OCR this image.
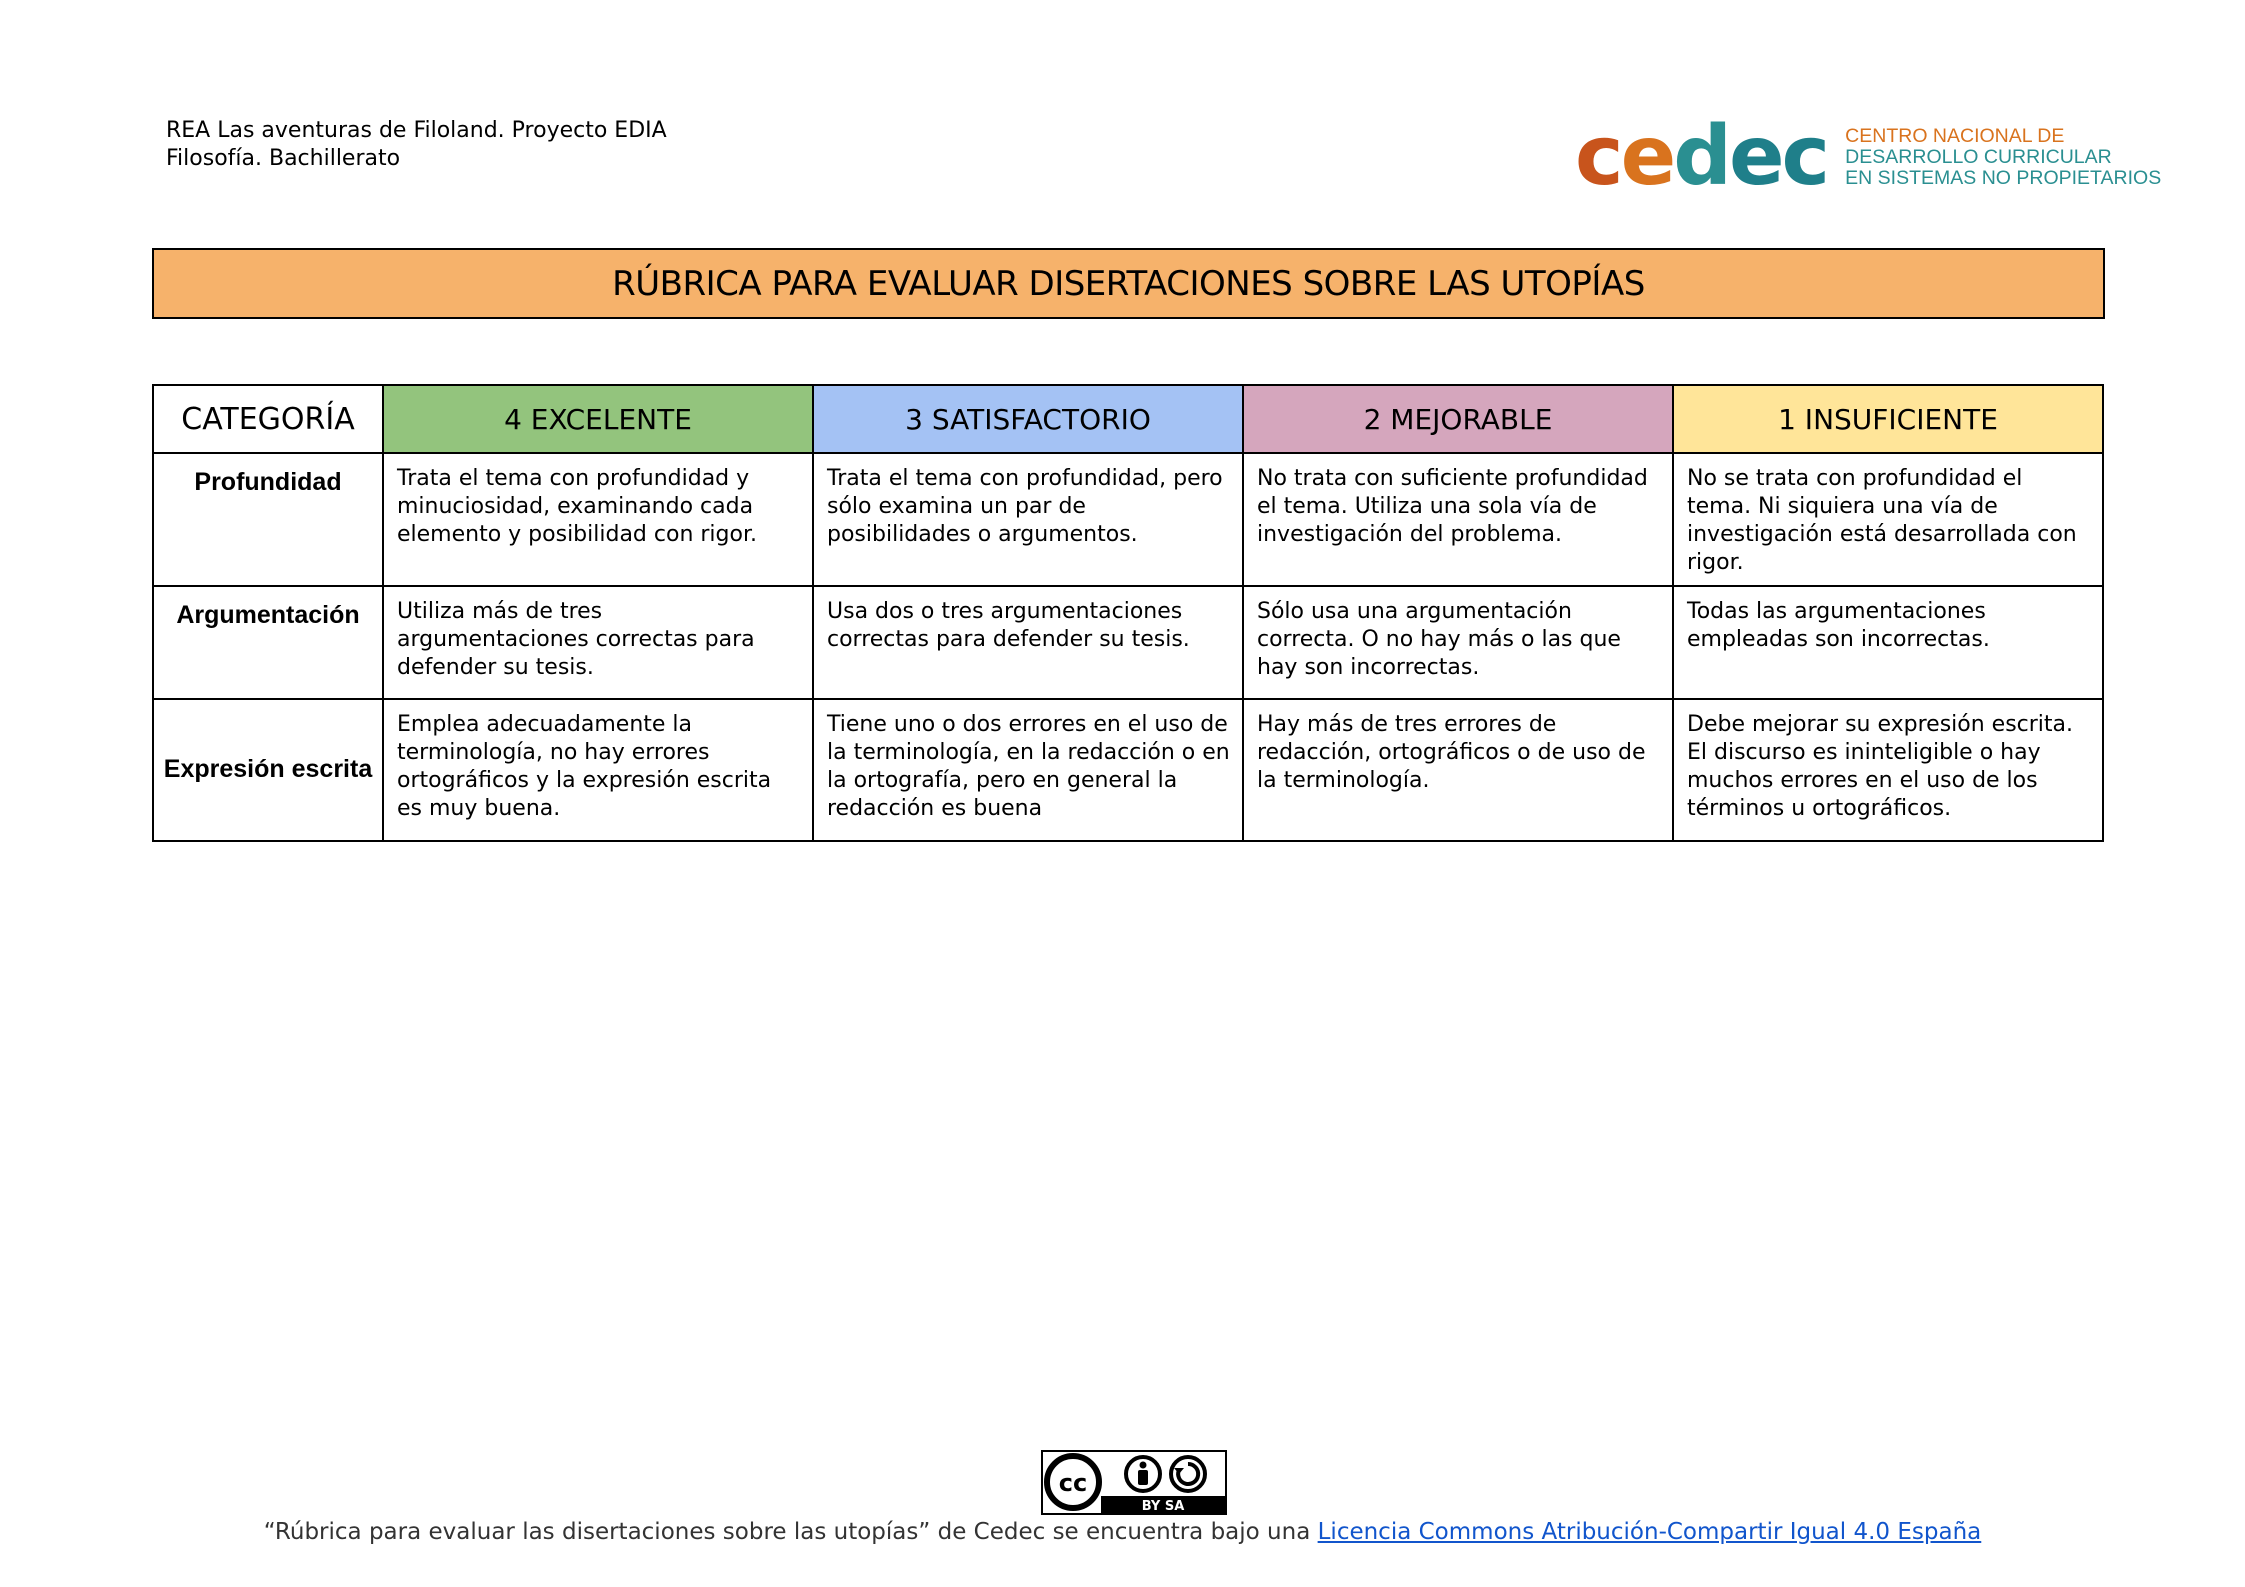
REA Las aventuras de Filoland. Proyecto EDIA
Filosofía. Bachillerato	cedec CENTRO NACIONAL DE
DESARROLLO CURRICULAR
EN SISTEMAS NO PROPIETARIOS
RÚBRICA PARA EVALUAR DISERTACIONES SOBRE LAS UTOPÍAS
CATEGORÍA	4 EXCELENTE	3 SATISFACTORIO	2 MEJORABLE	1 INSUFICIENTE
Profundidad	Trata el tema con profundidad y minuciosidad, examinando cada elemento y posibilidad con rigor.	Trata el tema con profundidad, pero sólo examina un par de posibilidades o argumentos.	No trata con suficiente profundidad el tema. Utiliza una sola vía de investigación del problema.	No se trata con profundidad el tema. Ni siquiera una vía de investigación está desarrollada con rigor.
Argumentación	Utiliza más de tres argumentaciones correctas para defender su tesis.	Usa dos o tres argumentaciones correctas para defender su tesis.	Sólo usa una argumentación correcta. O no hay más o las que hay son incorrectas.	Todas las argumentaciones empleadas son incorrectas.
Expresión escrita	Emplea adecuadamente la terminología, no hay errores ortográficos y la expresión escrita es muy buena.	Tiene uno o dos errores en el uso de la terminología, en la redacción o en la ortografía, pero en general la redacción es buena	Hay más de tres errores de redacción, ortográficos o de uso de la terminología.	Debe mejorar su expresión escrita. El discurso es ininteligible o hay muchos errores en el uso de los términos u ortográficos.
cc
BY SA
“Rúbrica para evaluar las disertaciones sobre las utopías” de Cedec se encuentra bajo una Licencia Commons Atribución-Compartir Igual 4.0 España
